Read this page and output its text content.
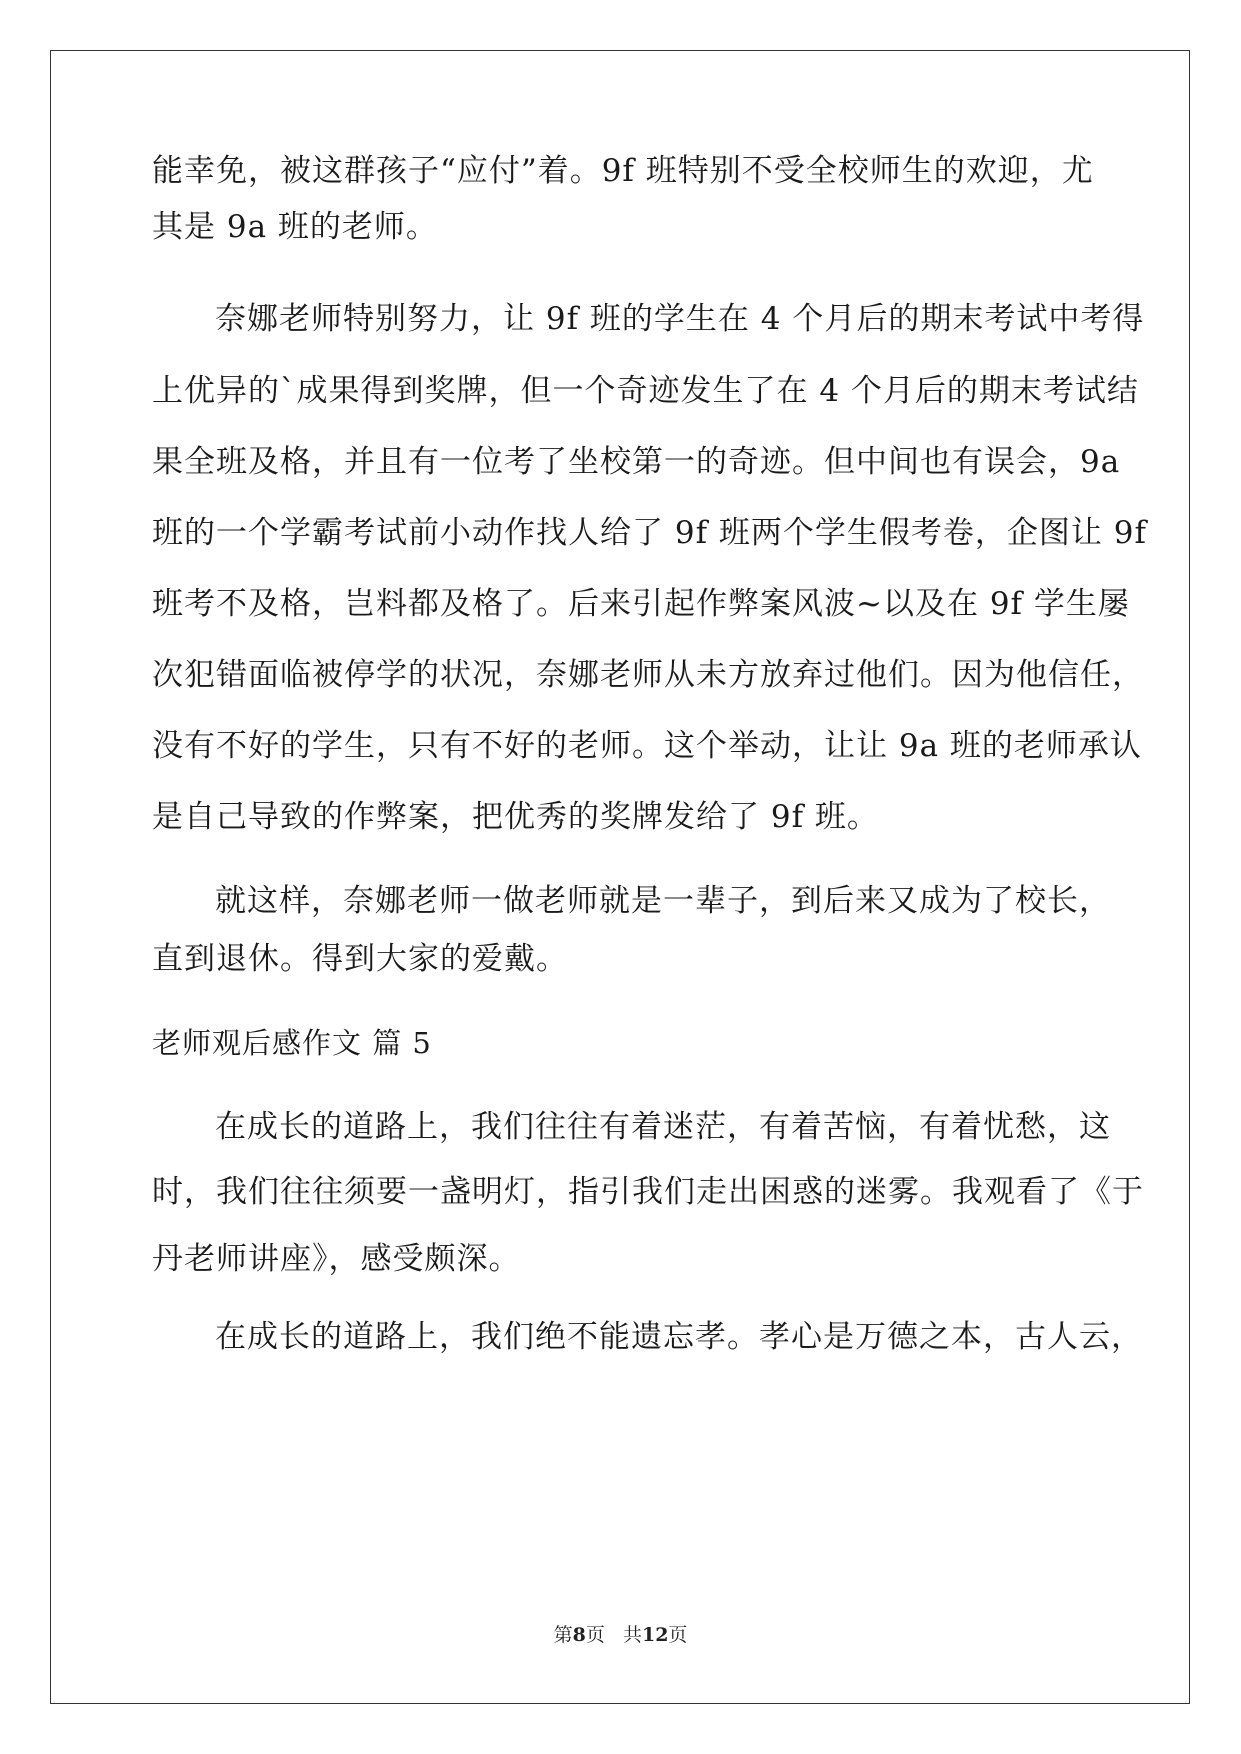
能幸免，被这群孩子“应付”着。9f 班特别不受全校师生的欢迎，尤
其是 9a 班的老师。
奈娜老师特别努力，让 9f 班的学生在 4 个月后的期末考试中考得
上优异的`成果得到奖牌，但一个奇迹发生了在 4 个月后的期末考试结
果全班及格，并且有一位考了坐校第一的奇迹。但中间也有误会，9a
班的一个学霸考试前小动作找人给了 9f 班两个学生假考卷，企图让 9f
班考不及格，岂料都及格了。后来引起作弊案风波~以及在 9f 学生屡
次犯错面临被停学的状况，奈娜老师从未方放弃过他们。因为他信任，
没有不好的学生，只有不好的老师。这个举动，让让 9a 班的老师承认
是自己导致的作弊案，把优秀的奖牌发给了 9f 班。
就这样，奈娜老师一做老师就是一辈子，到后来又成为了校长，
直到退休。得到大家的爱戴。
老师观后感作文 篇 5
在成长的道路上，我们往往有着迷茫，有着苦恼，有着忧愁，这
时，我们往往须要一盏明灯，指引我们走出困惑的迷雾。我观看了《于
丹老师讲座》，感受颇深。
在成长的道路上，我们绝不能遗忘孝。孝心是万德之本，古人云，
第8页 共12页
